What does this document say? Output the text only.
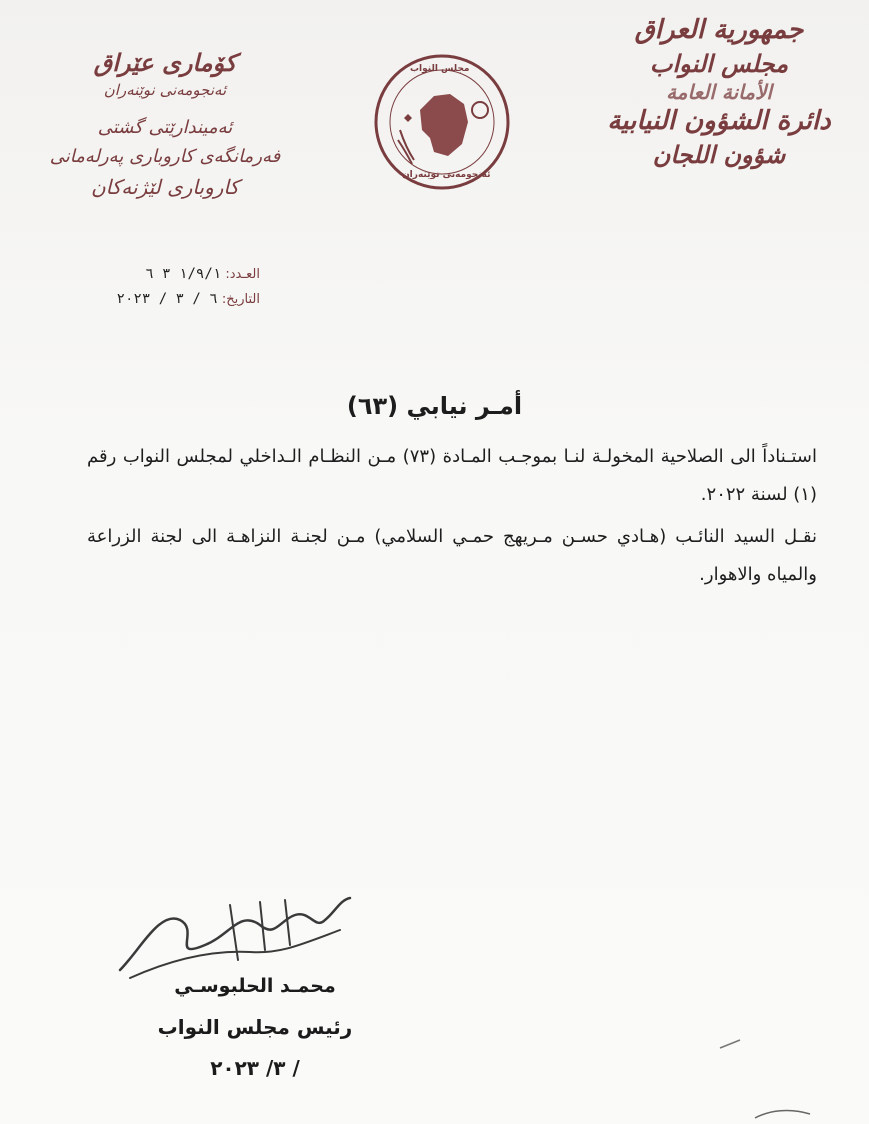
جمهورية العراق
مجلس النواب
الأمانة العامة
دائرة الشؤون النيابية
شؤون اللجان
مجلس النواب
ئەنجومەنی نوێنەران
كۆماری عێراق
ئەنجومەنی نوێنەران
ئەمیندارێتی گشتی
فەرمانگەی کاروباری پەرلەمانی
کاروباری لێژنەکان
العـدد: ١/٩/١ ٣ ٦
التاريخ: ٦ / ٣ / ٢٠٢٣
أمـر نيابي (٦٣)

استـناداً الى الصلاحية المخولـة لنـا بموجـب المـادة (٧٣) مـن النظـام الـداخلي لمجلس النواب رقم (١) لسنة ٢٠٢٢.

نقـل السيد النائـب (هـادي حسـن مـريهج حمـي السلامي) مـن لجنـة النزاهـة الى لجنة الزراعة والمياه والاهوار.

محمـد الحلبوسـي
رئيس مجلس النواب
/ ٣/ ٢٠٢٣
